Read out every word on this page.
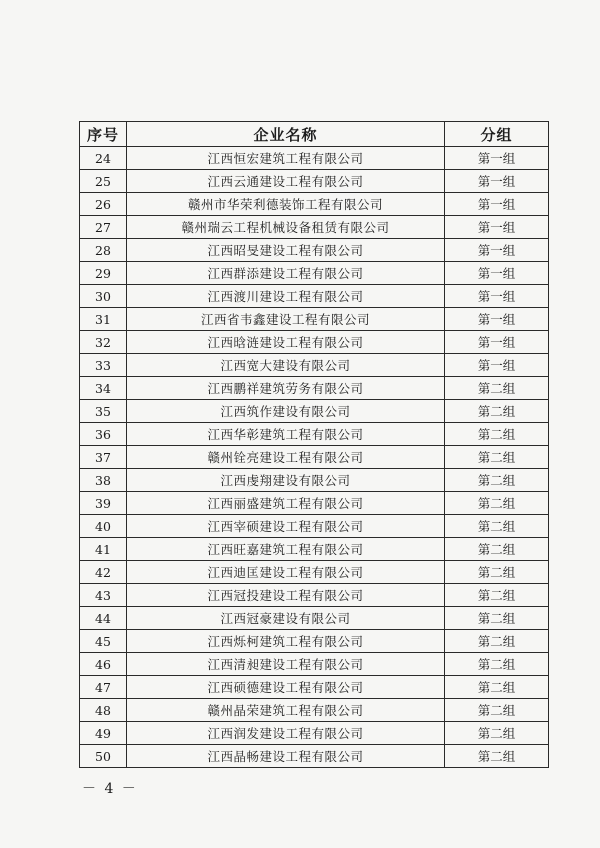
序号	企业名称	分组
24	江西恒宏建筑工程有限公司	第一组
25	江西云通建设工程有限公司	第一组
26	赣州市华荣利德装饰工程有限公司	第一组
27	赣州瑞云工程机械设备租赁有限公司	第一组
28	江西昭旻建设工程有限公司	第一组
29	江西群添建设工程有限公司	第一组
30	江西渡川建设工程有限公司	第一组
31	江西省韦鑫建设工程有限公司	第一组
32	江西晗涟建设工程有限公司	第一组
33	江西宽大建设有限公司	第一组
34	江西鹏祥建筑劳务有限公司	第二组
35	江西筑作建设有限公司	第二组
36	江西华彰建筑工程有限公司	第二组
37	赣州铨亮建设工程有限公司	第二组
38	江西虔翔建设有限公司	第二组
39	江西丽盛建筑工程有限公司	第二组
40	江西宰硕建设工程有限公司	第二组
41	江西旺嘉建筑工程有限公司	第二组
42	江西迪匡建设工程有限公司	第二组
43	江西冠投建设工程有限公司	第二组
44	江西冠豪建设有限公司	第二组
45	江西烁柯建筑工程有限公司	第二组
46	江西清昶建设工程有限公司	第二组
47	江西硕德建设工程有限公司	第二组
48	赣州晶荣建筑工程有限公司	第二组
49	江西润发建设工程有限公司	第二组
50	江西晶畅建设工程有限公司	第二组
－ 4 －
